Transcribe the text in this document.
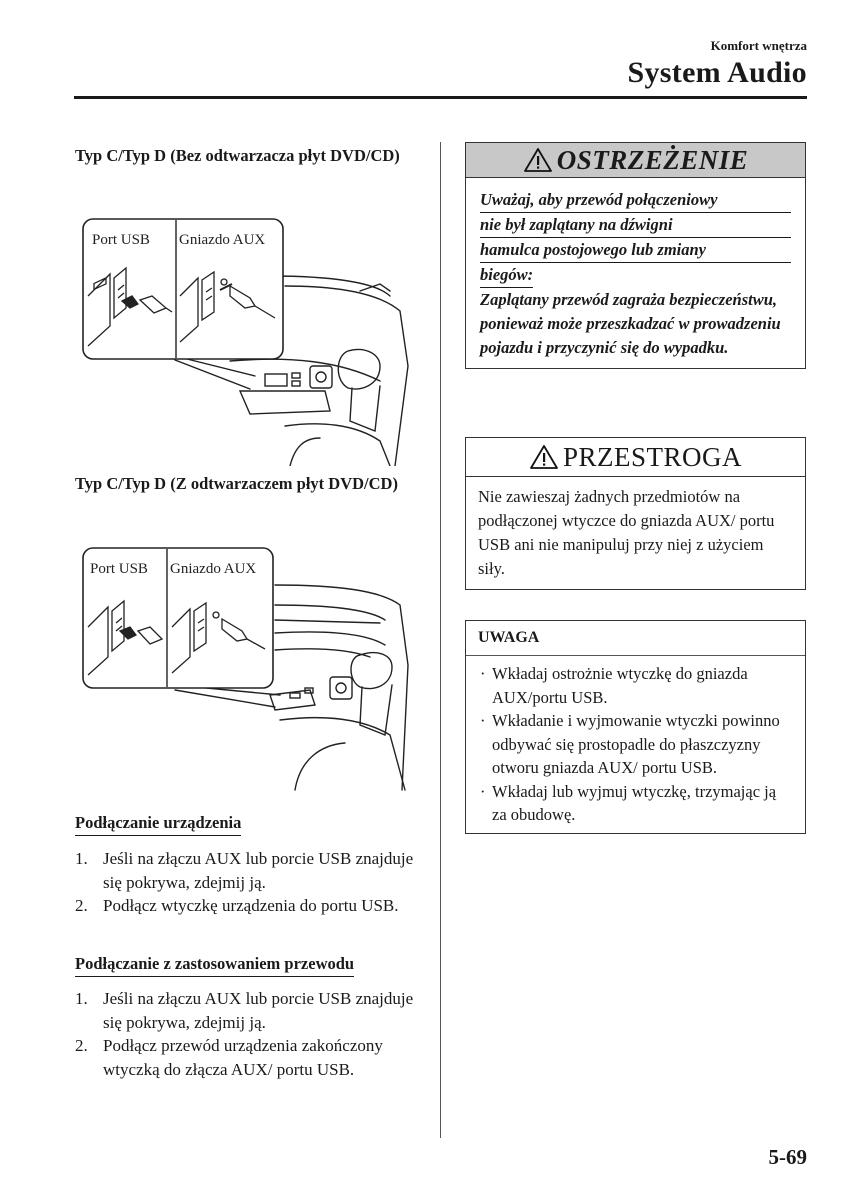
Komfort wnętrza
System Audio
Typ C/Typ D (Bez odtwarzacza płyt DVD/CD)
Port USB Gniazdo AUX
Typ C/Typ D (Z odtwarzaczem płyt DVD/CD)
Port USB Gniazdo AUX
Podłączanie urządzenia
1. Jeśli na złączu AUX lub porcie USB znajduje się pokrywa, zdejmij ją.
2. Podłącz wtyczkę urządzenia do portu USB.
Podłączanie z zastosowaniem przewodu
1. Jeśli na złączu AUX lub porcie USB znajduje się pokrywa, zdejmij ją.
2. Podłącz przewód urządzenia zakończony wtyczką do złącza AUX/ portu USB.
OSTRZEŻENIE
Uważaj, aby przewód połączeniowy
nie był zaplątany na dźwigni
hamulca postojowego lub zmiany
biegów:
Zaplątany przewód zagraża bezpieczeństwu, ponieważ może przeszkadzać w prowadzeniu pojazdu i przyczynić się do wypadku.
PRZESTROGA
Nie zawieszaj żadnych przedmiotów na podłączonej wtyczce do gniazda AUX/ portu USB ani nie manipuluj przy niej z użyciem siły.
UWAGA
· Wkładaj ostrożnie wtyczkę do gniazda AUX/portu USB.
· Wkładanie i wyjmowanie wtyczki powinno odbywać się prostopadle do płaszczyzny otworu gniazda AUX/ portu USB.
· Wkładaj lub wyjmuj wtyczkę, trzymając ją za obudowę.
5-69
